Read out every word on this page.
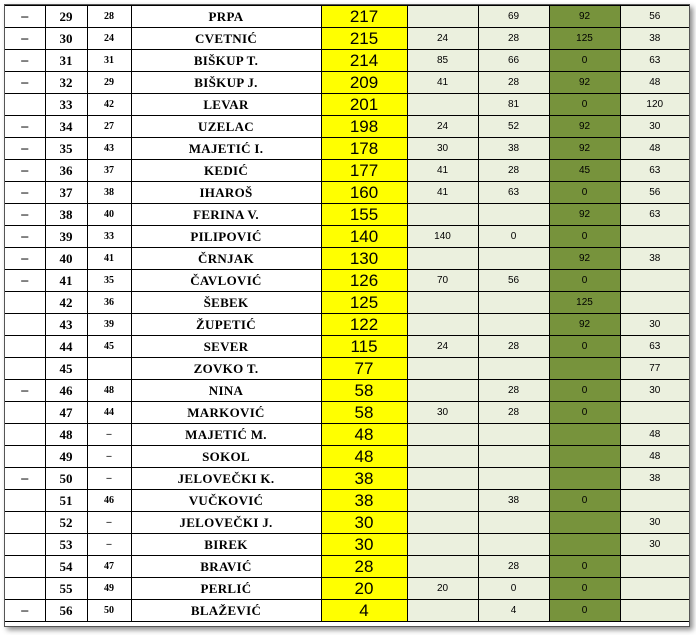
–	29	28	PRPA	217		69	92	56
–	30	24	CVETNIĆ	215	24	28	125	38
–	31	31	BIŠKUP T.	214	85	66	0	63
–	32	29	BIŠKUP J.	209	41	28	92	48
	33	42	LEVAR	201		81	0	120
–	34	27	UZELAC	198	24	52	92	30
–	35	43	MAJETIĆ I.	178	30	38	92	48
–	36	37	KEDIĆ	177	41	28	45	63
–	37	38	IHAROŠ	160	41	63	0	56
–	38	40	FERINA V.	155			92	63
–	39	33	PILIPOVIĆ	140	140	0	0	
–	40	41	ČRNJAK	130			92	38
–	41	35	ČAVLOVIĆ	126	70	56	0	
	42	36	ŠEBEK	125			125	
	43	39	ŽUPETIĆ	122			92	30
	44	45	SEVER	115	24	28	0	63
	45		ZOVKO T.	77				77
–	46	48	NINA	58		28	0	30
	47	44	MARKOVIĆ	58	30	28	0	
	48	–	MAJETIĆ M.	48				48
	49	–	SOKOL	48				48
–	50	–	JELOVEČKI K.	38				38
	51	46	VUČKOVIĆ	38		38	0	
	52	–	JELOVEČKI J.	30				30
	53	–	BIREK	30				30
	54	47	BRAVIĆ	28		28	0	
	55	49	PERLIĆ	20	20	0	0	
–	56	50	BLAŽEVIĆ	4		4	0	
